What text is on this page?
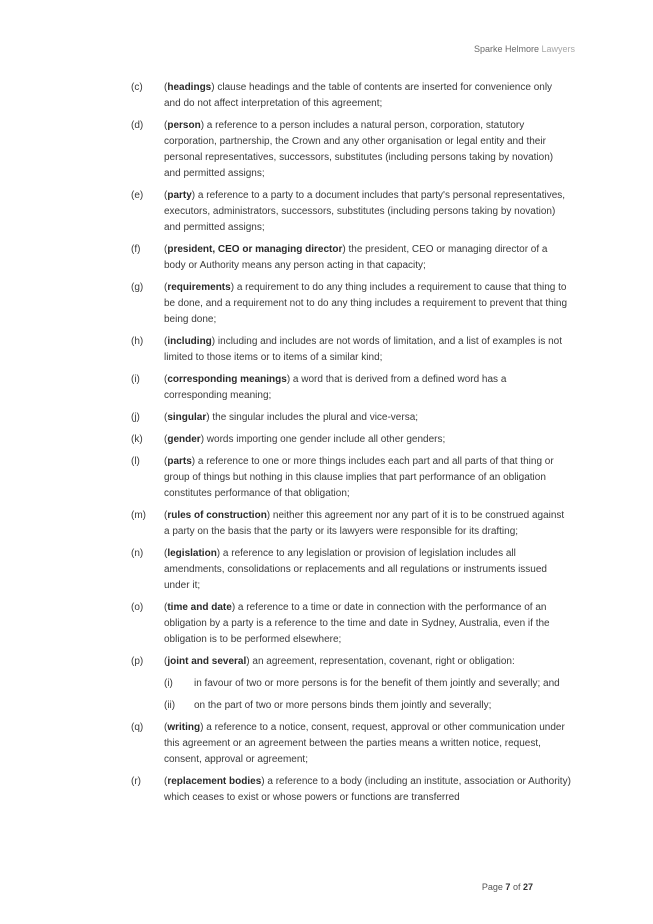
Sparke Helmore Lawyers
(c)	(headings) clause headings and the table of contents are inserted for convenience only and do not affect interpretation of this agreement;
(d)	(person) a reference to a person includes a natural person, corporation, statutory corporation, partnership, the Crown and any other organisation or legal entity and their personal representatives, successors, substitutes (including persons taking by novation) and permitted assigns;
(e)	(party) a reference to a party to a document includes that party's personal representatives, executors, administrators, successors, substitutes (including persons taking by novation) and permitted assigns;
(f)	(president, CEO or managing director) the president, CEO or managing director of a body or Authority means any person acting in that capacity;
(g)	(requirements) a requirement to do any thing includes a requirement to cause that thing to be done, and a requirement not to do any thing includes a requirement to prevent that thing being done;
(h)	(including) including and includes are not words of limitation, and a list of examples is not limited to those items or to items of a similar kind;
(i)	(corresponding meanings) a word that is derived from a defined word has a corresponding meaning;
(j)	(singular) the singular includes the plural and vice-versa;
(k)	(gender) words importing one gender include all other genders;
(l)	(parts) a reference to one or more things includes each part and all parts of that thing or group of things but nothing in this clause implies that part performance of an obligation constitutes performance of that obligation;
(m)	(rules of construction) neither this agreement nor any part of it is to be construed against a party on the basis that the party or its lawyers were responsible for its drafting;
(n)	(legislation) a reference to any legislation or provision of legislation includes all amendments, consolidations or replacements and all regulations or instruments issued under it;
(o)	(time and date) a reference to a time or date in connection with the performance of an obligation by a party is a reference to the time and date in Sydney, Australia, even if the obligation is to be performed elsewhere;
(p)	(joint and several) an agreement, representation, covenant, right or obligation:
(i)	in favour of two or more persons is for the benefit of them jointly and severally; and
(ii)	on the part of two or more persons binds them jointly and severally;
(q)	(writing) a reference to a notice, consent, request, approval or other communication under this agreement or an agreement between the parties means a written notice, request, consent, approval or agreement;
(r)	(replacement bodies) a reference to a body (including an institute, association or Authority) which ceases to exist or whose powers or functions are transferred
Page 7 of 27
